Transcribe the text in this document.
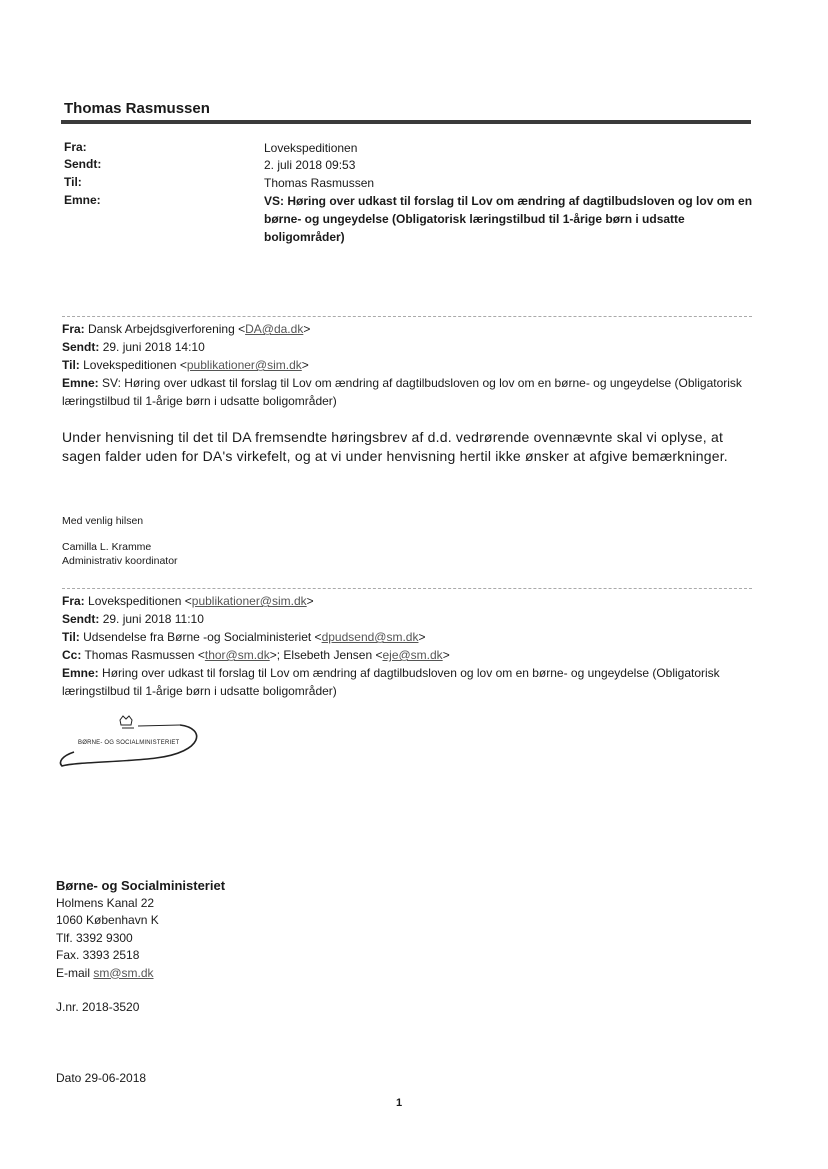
Thomas Rasmussen
Fra:	Lovekspeditionen
Sendt:	2. juli 2018 09:53
Til:	Thomas Rasmussen
Emne:	VS: Høring over udkast til forslag til Lov om ændring af dagtilbudsloven og lov om en børne- og ungeydelse (Obligatorisk læringstilbud til 1-årige børn i udsatte boligområder)
Fra: Dansk Arbejdsgiverforening <DA@da.dk>
Sendt: 29. juni 2018 14:10
Til: Lovekspeditionen <publikationer@sim.dk>
Emne: SV: Høring over udkast til forslag til Lov om ændring af dagtilbudsloven og lov om en børne- og ungeydelse (Obligatorisk læringstilbud til 1-årige børn i udsatte boligområder)
Under henvisning til det til DA fremsendte høringsbrev af d.d. vedrørende ovennævnte skal vi oplyse, at sagen falder uden for DA's virkefelt, og at vi under henvisning hertil ikke ønsker at afgive bemærkninger.
Med venlig hilsen
Camilla L. Kramme
Administrativ koordinator
Fra: Lovekspeditionen <publikationer@sim.dk>
Sendt: 29. juni 2018 11:10
Til: Udsendelse fra Børne -og Socialministeriet <dpudsend@sm.dk>
Cc: Thomas Rasmussen <thor@sm.dk>; Elsebeth Jensen <eje@sm.dk>
Emne: Høring over udkast til forslag til Lov om ændring af dagtilbudsloven og lov om en børne- og ungeydelse (Obligatorisk læringstilbud til 1-årige børn i udsatte boligområder)
BØRNE- OG SOCIALMINISTERIET
Børne- og Socialministeriet
Holmens Kanal 22
1060 København K
Tlf. 3392 9300
Fax. 3393 2518
E-mail sm@sm.dk
J.nr. 2018-3520
Dato 29-06-2018
1
